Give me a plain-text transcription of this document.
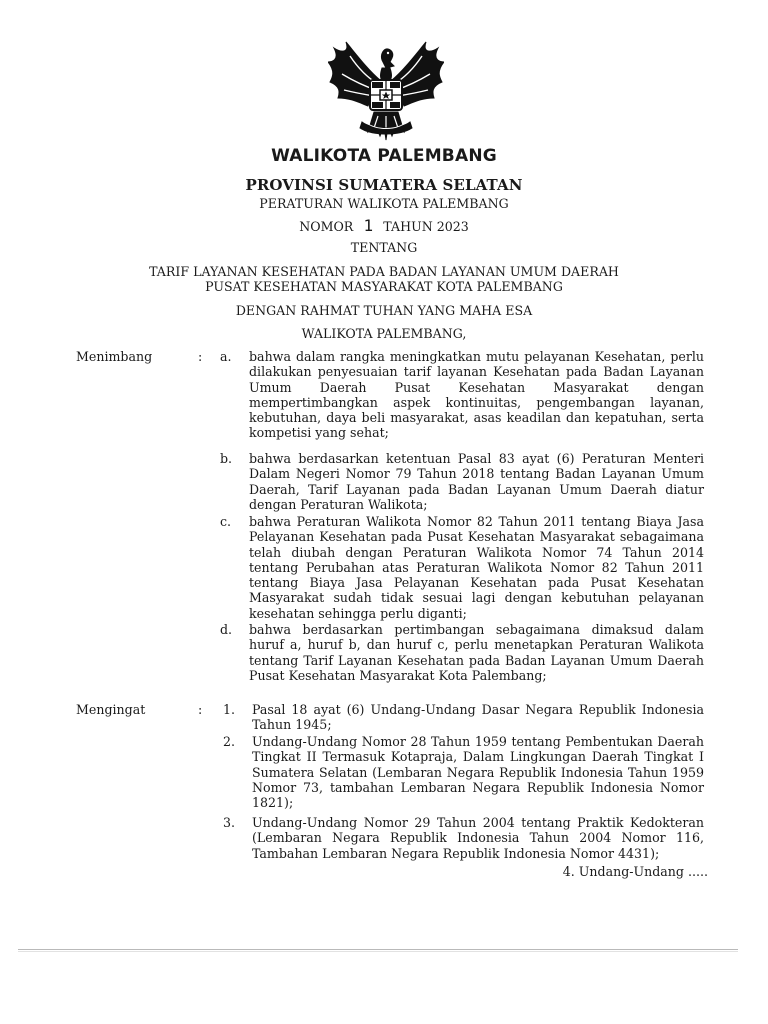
WALIKOTA PALEMBANG
PROVINSI SUMATERA SELATAN
PERATURAN WALIKOTA PALEMBANG
NOMOR 1 TAHUN 2023
TENTANG
TARIF LAYANAN KESEHATAN PADA BADAN LAYANAN UMUM DAERAH
PUSAT KESEHATAN MASYARAKAT KOTA PALEMBANG
DENGAN RAHMAT TUHAN YANG MAHA ESA
WALIKOTA PALEMBANG,
Menimbang	: a. bahwa dalam rangka meningkatkan mutu pelayanan Kesehatan, perlu dilakukan penyesuaian tarif layanan Kesehatan pada Badan Layanan Umum Daerah Pusat Kesehatan Masyarakat dengan mempertimbangkan aspek kontinuitas, pengembangan layanan, kebutuhan, daya beli masyarakat, asas keadilan dan kepatuhan, serta kompetisi yang sehat;
b. bahwa berdasarkan ketentuan Pasal 83 ayat (6) Peraturan Menteri Dalam Negeri Nomor 79 Tahun 2018 tentang Badan Layanan Umum Daerah, Tarif Layanan pada Badan Layanan Umum Daerah diatur dengan Peraturan Walikota;
c. bahwa Peraturan Walikota Nomor 82 Tahun 2011 tentang Biaya Jasa Pelayanan Kesehatan pada Pusat Kesehatan Masyarakat sebagaimana telah diubah dengan Peraturan Walikota Nomor 74 Tahun 2014 tentang Perubahan atas Peraturan Walikota Nomor 82 Tahun 2011 tentang Biaya Jasa Pelayanan Kesehatan pada Pusat Kesehatan Masyarakat sudah tidak sesuai lagi dengan kebutuhan pelayanan kesehatan sehingga perlu diganti;
d. bahwa berdasarkan pertimbangan sebagaimana dimaksud dalam huruf a, huruf b, dan huruf c, perlu menetapkan Peraturan Walikota tentang Tarif Layanan Kesehatan pada Badan Layanan Umum Daerah Pusat Kesehatan Masyarakat Kota Palembang;
Mengingat	: 1. Pasal 18 ayat (6) Undang-Undang Dasar Negara Republik Indonesia Tahun 1945;
2. Undang-Undang Nomor 28 Tahun 1959 tentang Pembentukan Daerah Tingkat II Termasuk Kotapraja, Dalam Lingkungan Daerah Tingkat I Sumatera Selatan (Lembaran Negara Republik Indonesia Tahun 1959 Nomor 73, tambahan Lembaran Negara Republik Indonesia Nomor 1821);
3. Undang-Undang Nomor 29 Tahun 2004 tentang Praktik Kedokteran (Lembaran Negara Republik Indonesia Tahun 2004 Nomor 116, Tambahan Lembaran Negara Republik Indonesia Nomor 4431);
4. Undang-Undang .....
